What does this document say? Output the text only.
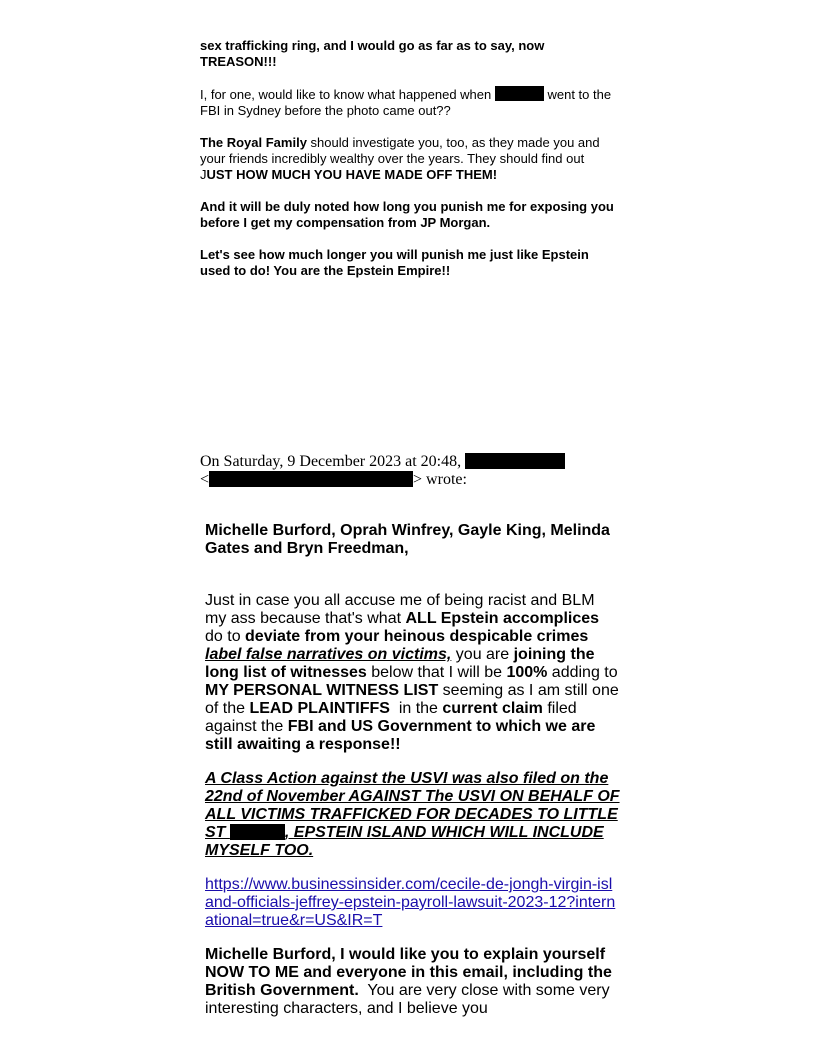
sex trafficking ring, and I would go as far as to say, now TREASON!!!

I, for one, would like to know what happened when	went to the FBI in Sydney before the photo came out??

The Royal Family should investigate you, too, as they made you and your friends incredibly wealthy over the years. They should find out JUST HOW MUCH YOU HAVE MADE OFF THEM!

And it will be duly noted how long you punish me for exposing you before I get my compensation from JP Morgan.

Let's see how much longer you will punish me just like Epstein used to do! You are the Epstein Empire!!

On Saturday, 9 December 2023 at 20:48,
<	> wrote:

Michelle Burford, Oprah Winfrey, Gayle King, Melinda Gates and Bryn Freedman,

Just in case you all accuse me of being racist and BLM my ass because that's what ALL Epstein accomplices do to deviate from your heinous despicable crimes label false narratives on victims, you are joining the long list of witnesses below that I will be 100% adding to MY PERSONAL WITNESS LIST seeming as I am still one of the LEAD PLAINTIFFS  in the current claim filed against the FBI and US Government to which we are still awaiting a response!!

A Class Action against the USVI was also filed on the 22nd of November AGAINST The USVI ON BEHALF OF ALL VICTIMS TRAFFICKED FOR DECADES TO LITTLE ST	, EPSTEIN ISLAND WHICH WILL INCLUDE MYSELF TOO.

https://www.businessinsider.com/cecile-de-jongh-virgin-island-officials-jeffrey-epstein-payroll-lawsuit-2023-12?international=true&r=US&IR=T

Michelle Burford, I would like you to explain yourself NOW TO ME and everyone in this email, including the British Government.  You are very close with some very interesting characters, and I believe you
